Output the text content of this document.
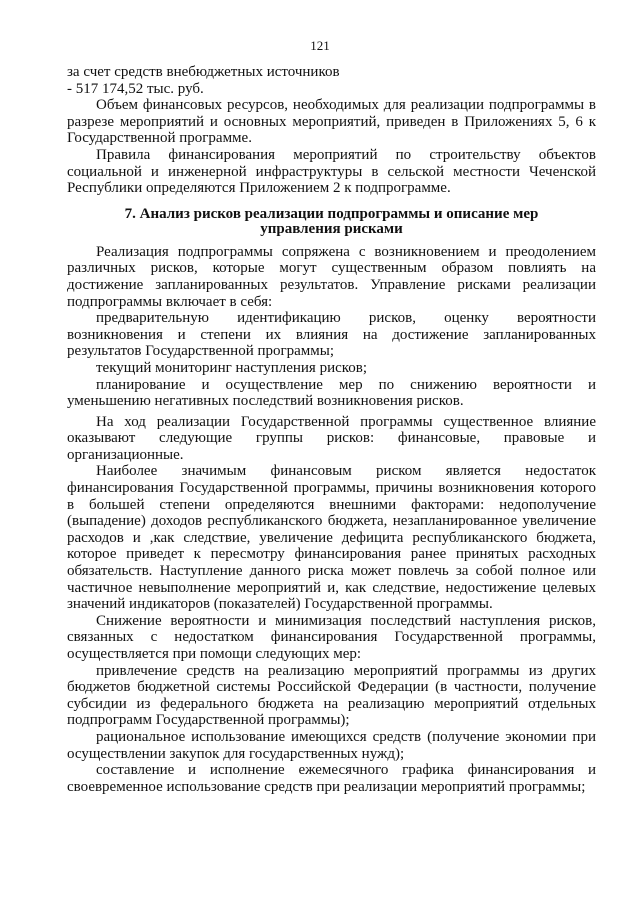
121
за счет средств внебюджетных источников
- 517 174,52 тыс. руб.

Объем финансовых ресурсов, необходимых для реализации подпрограммы в разрезе мероприятий и основных мероприятий, приведен в Приложениях 5, 6 к Государственной программе.

Правила финансирования мероприятий по строительству объектов социальной и инженерной инфраструктуры в сельской местности Чеченской Республики определяются Приложением 2 к подпрограмме.

7. Анализ рисков реализации подпрограммы и описание мер
управления рисками

Реализация подпрограммы сопряжена с возникновением и преодолением различных рисков, которые могут существенным образом повлиять на достижение запланированных результатов. Управление рисками реализации подпрограммы включает в себя:

предварительную идентификацию рисков, оценку вероятности возникновения и степени их влияния на достижение запланированных результатов Государственной программы;

текущий мониторинг наступления рисков;

планирование и осуществление мер по снижению вероятности и уменьшению негативных последствий возникновения рисков.

На ход реализации Государственной программы существенное влияние оказывают следующие группы рисков: финансовые, правовые и организационные.

Наиболее значимым финансовым риском является недостаток финансирования Государственной программы, причины возникновения которого в большей степени определяются внешними факторами: недополучение (выпадение) доходов республиканского бюджета, незапланированное увеличение расходов и ,как следствие, увеличение дефицита республиканского бюджета, которое приведет к пересмотру финансирования ранее принятых расходных обязательств. Наступление данного риска может повлечь за собой полное или частичное невыполнение мероприятий и, как следствие, недостижение целевых значений индикаторов (показателей) Государственной программы.

Снижение вероятности и минимизация последствий наступления рисков, связанных с недостатком финансирования Государственной программы, осуществляется при помощи следующих мер:

привлечение средств на реализацию мероприятий программы из других бюджетов бюджетной системы Российской Федерации (в частности, получение субсидии из федерального бюджета на реализацию мероприятий отдельных подпрограмм Государственной программы);

рациональное использование имеющихся средств (получение экономии при осуществлении закупок для государственных нужд);

составление и исполнение ежемесячного графика финансирования и своевременное использование средств при реализации мероприятий программы;
